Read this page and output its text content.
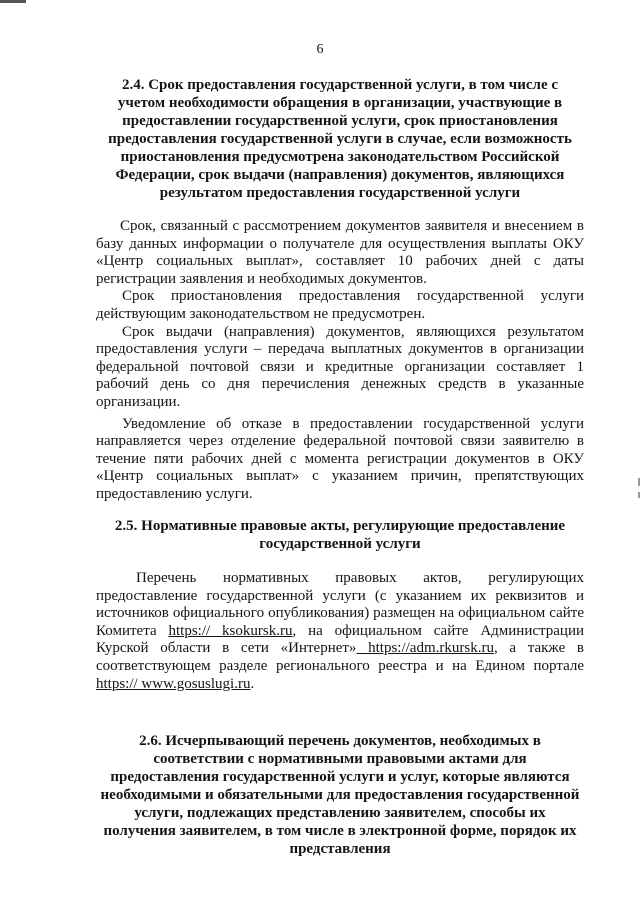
6

2.4. Срок предоставления государственной услуги, в том числе с

учетом необходимости обращения в организации, участвующие в

предоставлении государственной услуги, срок приостановления

предоставления государственной услуги в случае, если возможность

приостановления предусмотрена законодательством Российской

Федерации, срок выдачи (направления) документов, являющихся

результатом предоставления государственной услуги

Срок, связанный с рассмотрением документов заявителя и внесением в базу данных информации о получателе для осуществления выплаты ОКУ «Центр социальных выплат», составляет 10 рабочих дней с даты регистрации заявления и необходимых документов.

Срок приостановления предоставления государственной услуги действующим законодательством не предусмотрен.

Срок выдачи (направления) документов, являющихся результатом предоставления услуги – передача выплатных документов в организации федеральной почтовой связи и кредитные организации составляет 1 рабочий день со дня перечисления денежных средств в указанные организации.

Уведомление об отказе в предоставлении государственной услуги направляется через отделение федеральной почтовой связи заявителю в течение пяти рабочих дней с момента регистрации документов в ОКУ «Центр социальных выплат» с указанием причин, препятствующих предоставлению услуги.

2.5. Нормативные правовые акты, регулирующие предоставление

государственной услуги

Перечень нормативных правовых актов, регулирующих предоставление государственной услуги (с указанием их реквизитов и источников официального опубликования) размещен на официальном сайте Комитета https:// ksokursk.ru, на официальном сайте Администрации Курской области в сети «Интернет» https://adm.rkursk.ru, а также в соответствующем разделе регионального реестра и на Едином портале https:// www.gosuslugi.ru.

2.6. Исчерпывающий перечень документов, необходимых в

соответствии с нормативными правовыми актами для

предоставления государственной услуги и услуг, которые являются

необходимыми и обязательными для предоставления государственной

услуги, подлежащих представлению заявителем, способы их

получения заявителем, в том числе в электронной форме, порядок их

представления
